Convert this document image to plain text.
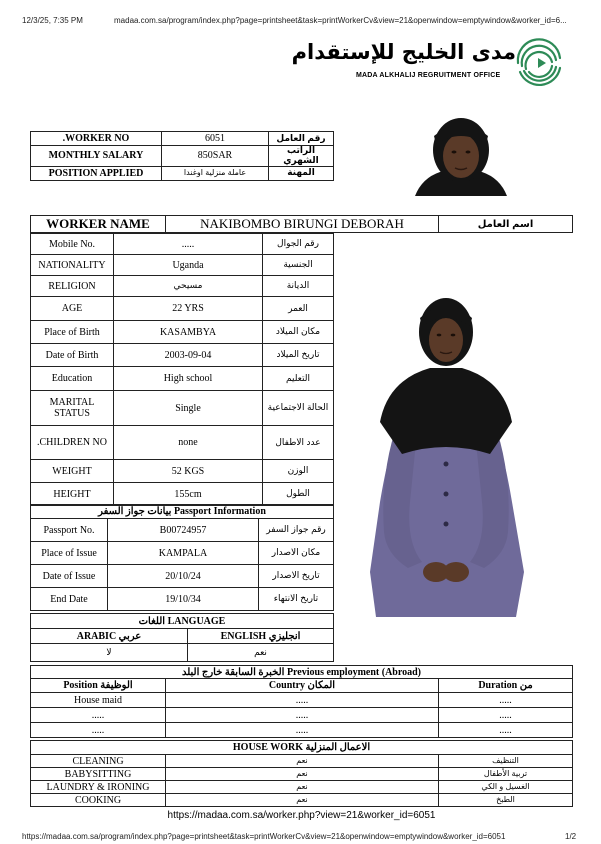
12/3/25, 7:35 PM	madaa.com.sa/program/index.php?page=printsheet&task=printWorkerCv&view=21&openwindow=emptywindow&worker_id=6...
مدى الخليج للإستقدام
MADA ALKHALIJ REGRUITMENT OFFICE
.WORKER NO	6051	رقم العامل
MONTHLY SALARY	850SAR	الراتب الشهري
POSITION APPLIED	عاملة منزلية اوغندا	المهنة
WORKER NAME	NAKIBOMBO BIRUNGI DEBORAH	اسم العامل
Mobile No.	.....	رقم الجوال
NATIONALITY	Uganda	الجنسية
RELIGION	مسيحي	الديانة
AGE	22 YRS	العمر
Place of Birth	KASAMBYA	مكان الميلاد
Date of Birth	2003-09-04	تاريخ الميلاد
Education	High school	التعليم
MARITAL STATUS	Single	الحالة الاجتماعية
.CHILDREN NO	none	عدد الاطفال
WEIGHT	52 KGS	الوزن
HEIGHT	155cm	الطول
بيانات جواز السفر Passport Information		
Passport No.	B00724957	رقم جواز السفر
Place of Issue	KAMPALA	مكان الاصدار
Date of Issue	20/10/24	تاريخ الاصدار
End Date	19/10/34	تاريخ الانتهاء
اللغات LANGUAGE	
ARABIC عربي	ENGLISH انجليزي
لا	نعم
الخبرة السابقة خارج البلد Previous employment (Abroad)		
Position الوظيفة	Country المكان	Duration من
House maid	.....	.....
.....	.....	.....
.....	.....	.....
HOUSE WORK الاعمال المنزلية		
CLEANING	نعم	التنظيف
BABYSITTING	نعم	تربية الأطفال
LAUNDRY & IRONING	نعم	الغسيل و الكي
COOKING	نعم	الطبخ
https://madaa.com.sa/worker.php?view=21&worker_id=6051
https://madaa.com.sa/program/index.php?page=printsheet&task=printWorkerCv&view=21&openwindow=emptywindow&worker_id=6051	1/2
